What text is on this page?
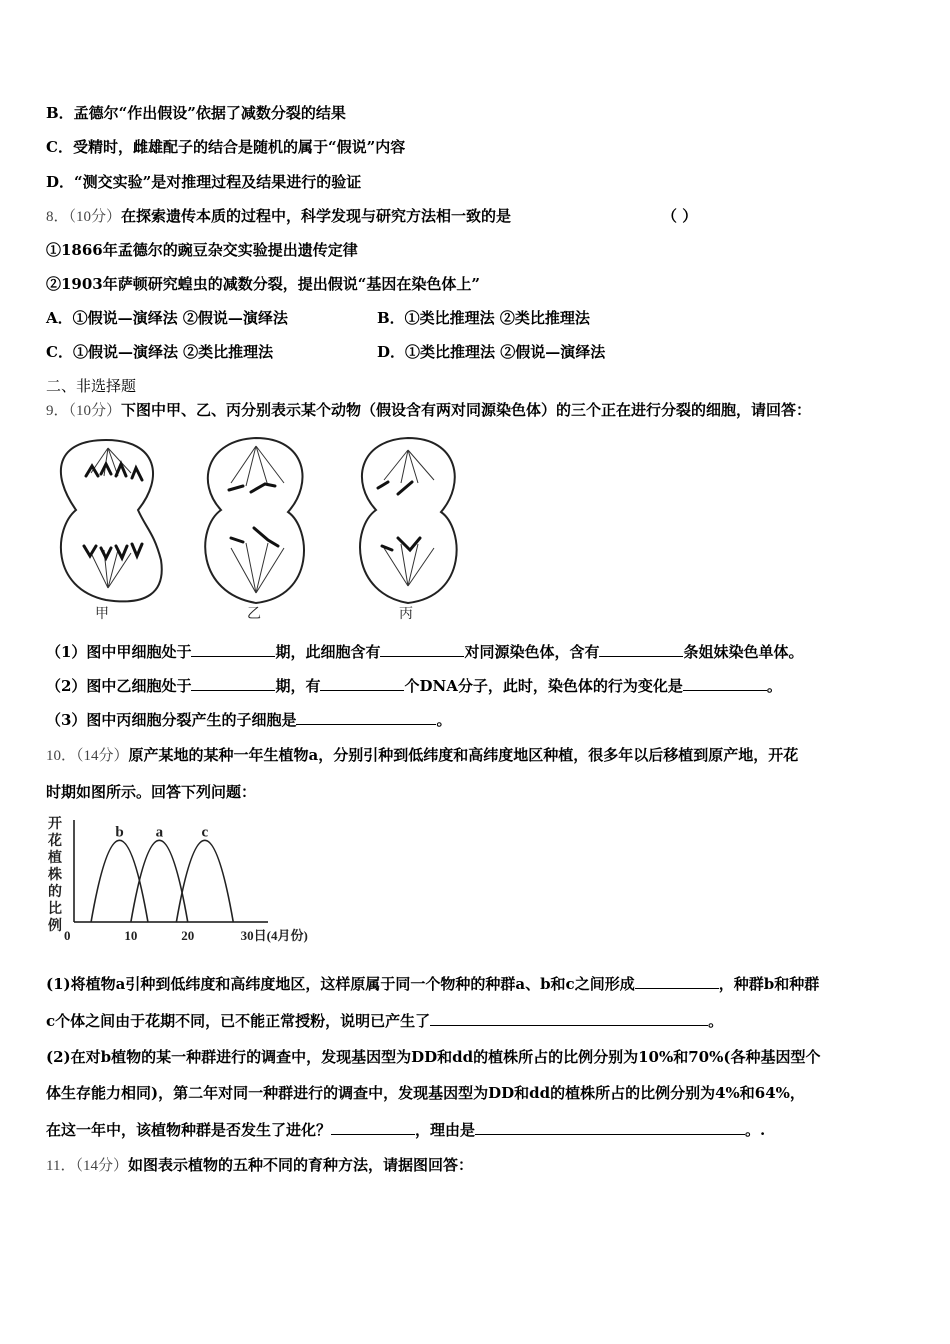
B．孟德尔“作出假设”依据了减数分裂的结果
C．受精时，雌雄配子的结合是随机的属于“假说”内容
D．“测交实验”是对推理过程及结果进行的验证
8．（10分）在探索遗传本质的过程中，科学发现与研究方法相一致的是	（ ）
①1866年孟德尔的豌豆杂交实验提出遗传定律
②1903年萨顿研究蝗虫的减数分裂，提出假说“基因在染色体上”
A．①假说—演绎法 ②假说—演绎法	B．①类比推理法 ②类比推理法
C．①假说—演绎法 ②类比推理法	D．①类比推理法 ②假说—演绎法
二、非选择题
9．（10分）下图中甲、乙、丙分别表示某个动物（假设含有两对同源染色体）的三个正在进行分裂的细胞，请回答：
甲	乙	丙
（1）图中甲细胞处于	期，此细胞含有	对同源染色体，含有	条姐妹染色单体。
（2）图中乙细胞处于	期，有	个DNA分子，此时，染色体的行为变化是	。
（3）图中丙细胞分裂产生的子细胞是	。
10．（14分）原产某地的某种一年生植物a，分别引种到低纬度和高纬度地区种植，很多年以后移植到原产地，开花
时期如图所示。回答下列问题：
开
花
植
株
的
比
例
0	10	20	30日(4月份)
b a	c
(1)将植物a引种到低纬度和高纬度地区，这样原属于同一个物种的种群a、b和c之间形成	，种群b和种群
c个体之间由于花期不同，已不能正常授粉，说明已产生了	。
(2)在对b植物的某一种群进行的调查中，发现基因型为DD和dd的植株所占的比例分别为10%和70%(各种基因型个
体生存能力相同)，第二年对同一种群进行的调查中，发现基因型为DD和dd的植株所占的比例分别为4%和64%，
在这一年中，该植物种群是否发生了进化？	，理由是	。.
11．（14分）如图表示植物的五种不同的育种方法，请据图回答：
